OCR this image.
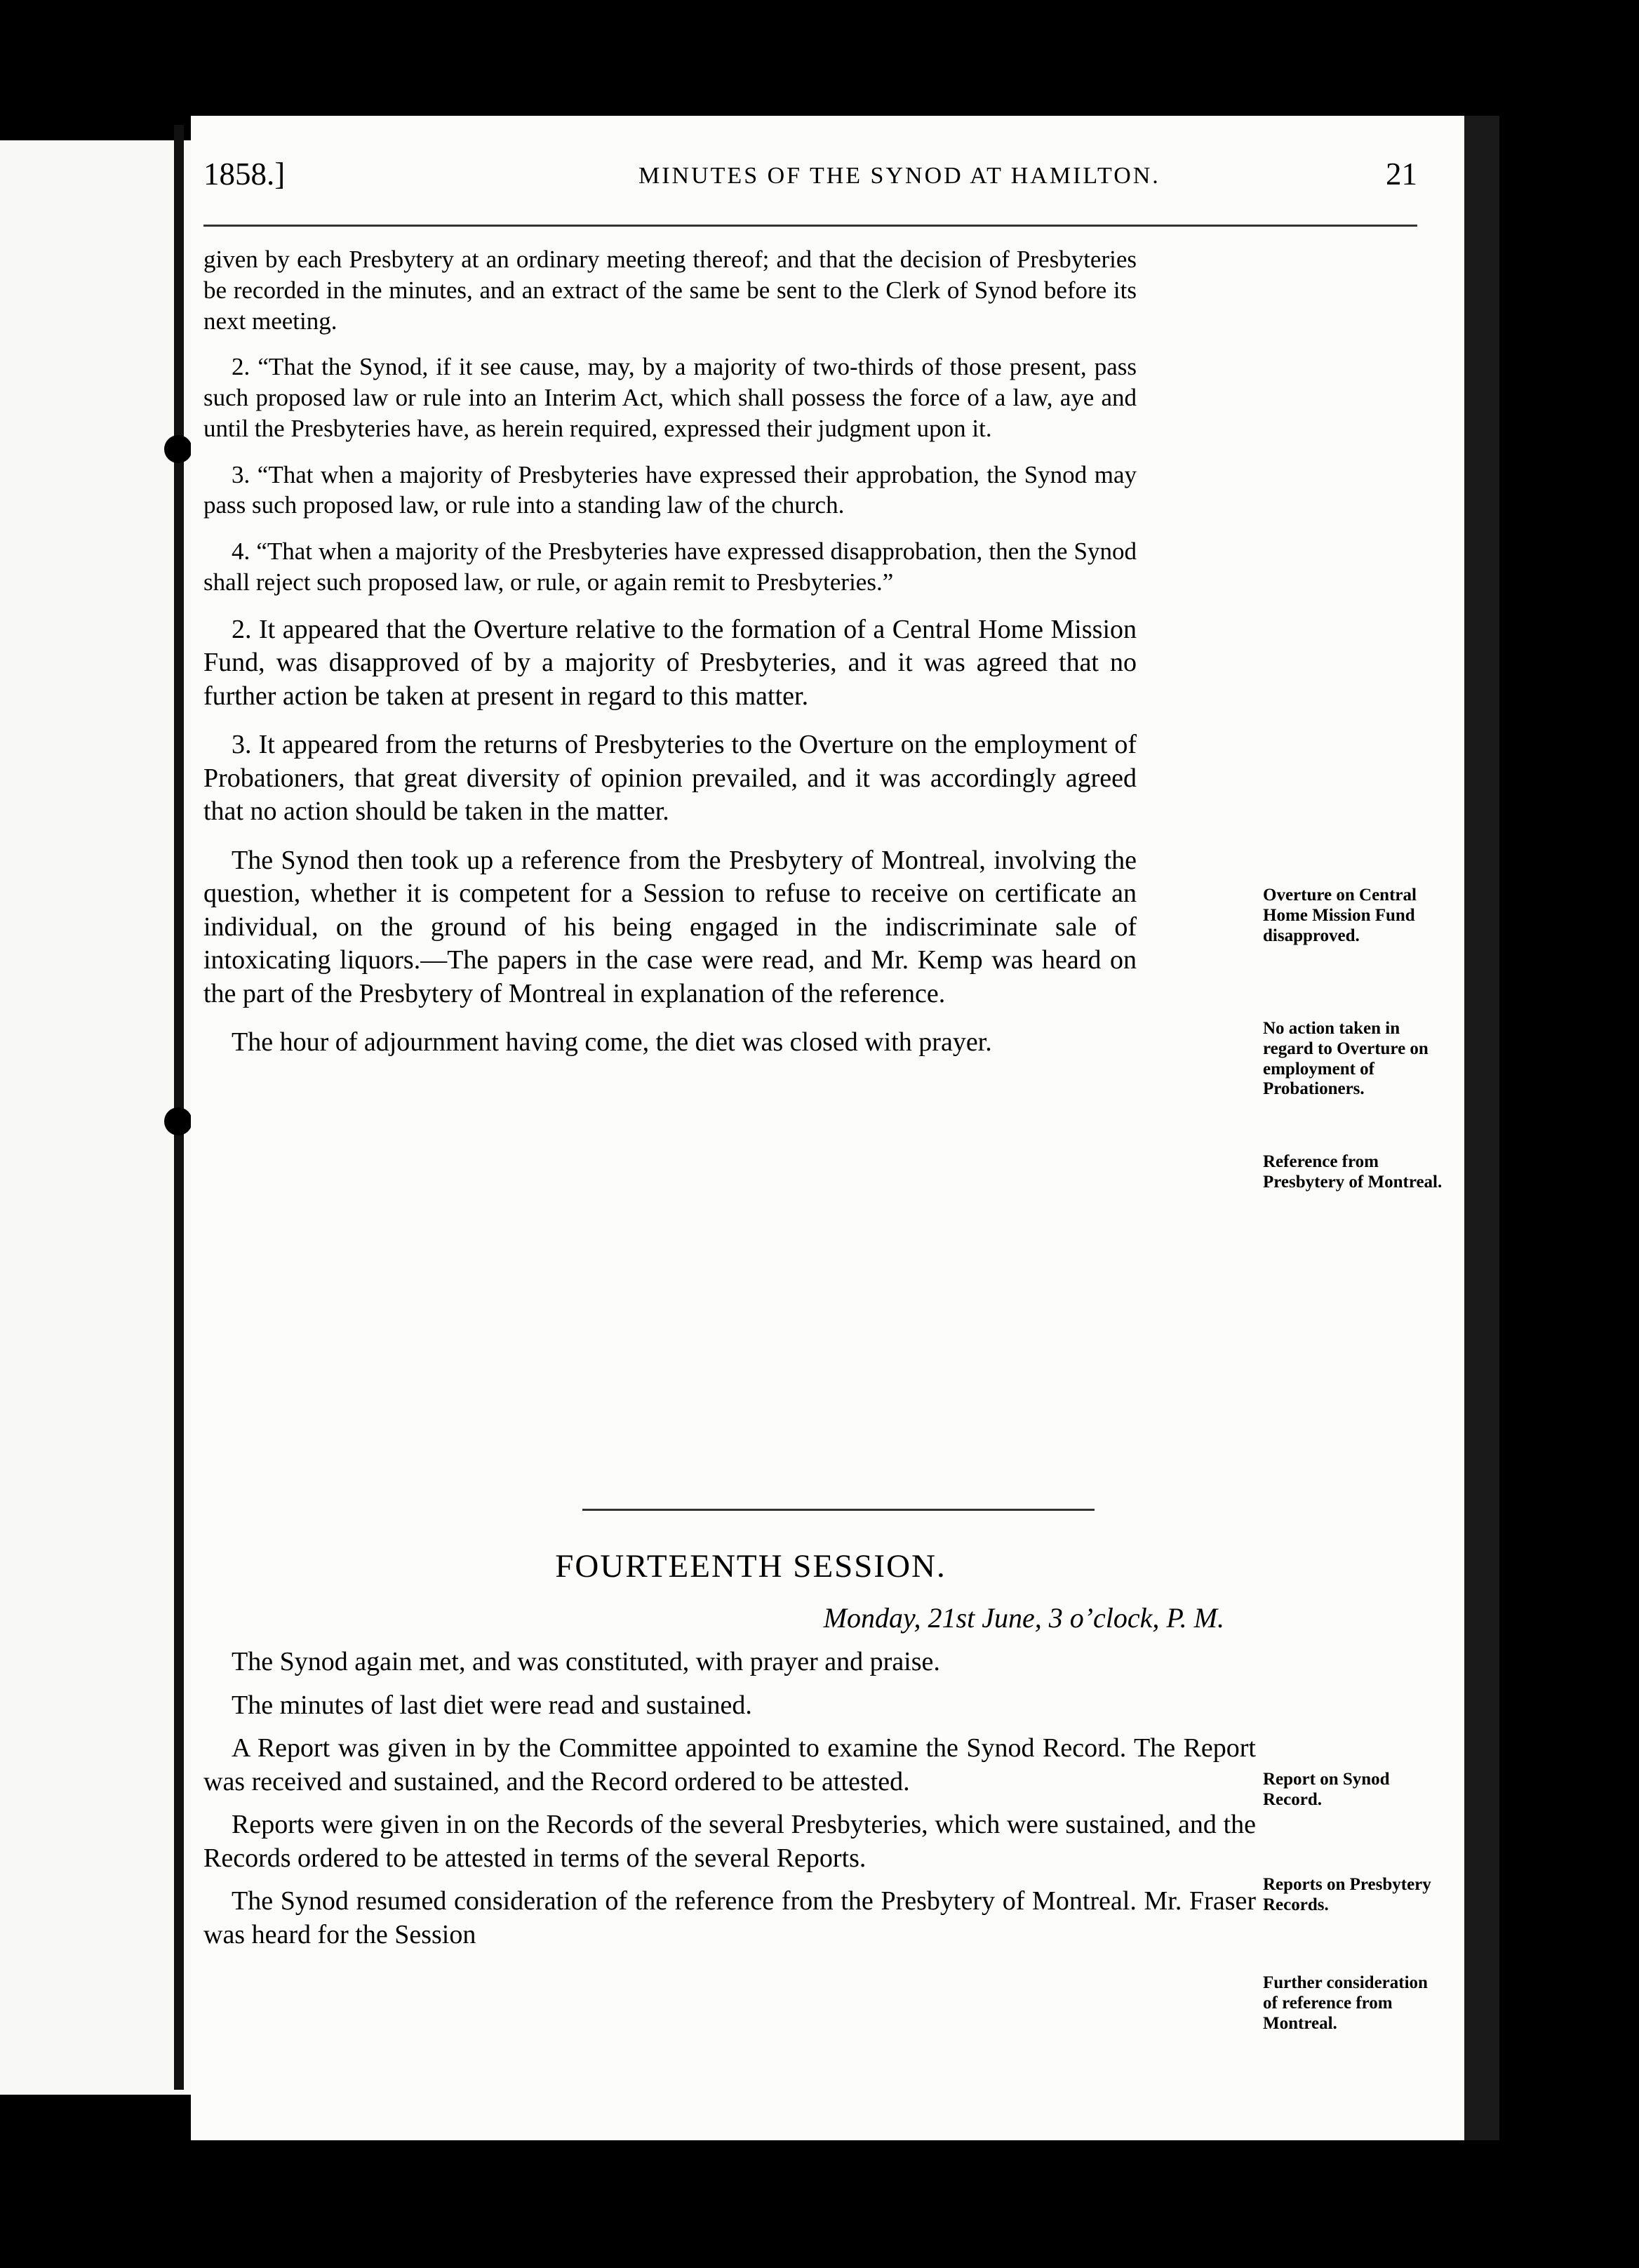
1858.]	MINUTES OF THE SYNOD AT HAMILTON.	21

given by each Presbytery at an ordinary meeting thereof; and that the decision of Presbyteries be recorded in the minutes, and an extract of the same be sent to the Clerk of Synod before its next meeting.

2. “That the Synod, if it see cause, may, by a majority of two-thirds of those present, pass such proposed law or rule into an Interim Act, which shall possess the force of a law, aye and until the Presbyteries have, as herein required, expressed their judgment upon it.

3. “That when a majority of Presbyteries have expressed their approbation, the Synod may pass such proposed law, or rule into a standing law of the church.

4. “That when a majority of the Presbyteries have expressed disapprobation, then the Synod shall reject such proposed law, or rule, or again remit to Presbyteries.”

2. It appeared that the Overture relative to the formation of a Central Home Mission Fund, was disapproved of by a majority of Presbyteries, and it was agreed that no further action be taken at present in regard to this matter.

3. It appeared from the returns of Presbyteries to the Overture on the employment of Probationers, that great diversity of opinion prevailed, and it was accordingly agreed that no action should be taken in the matter.

The Synod then took up a reference from the Presbytery of Montreal, involving the question, whether it is competent for a Session to refuse to receive on certificate an individual, on the ground of his being engaged in the indiscriminate sale of intoxicating liquors.—The papers in the case were read, and Mr. Kemp was heard on the part of the Presbytery of Montreal in explanation of the reference.

The hour of adjournment having come, the diet was closed with prayer.

Overture on Central Home Mission Fund disapproved.
No action taken in regard to Overture on employment of Probationers.
Reference from Presbytery of Montreal.
Report on Synod Record.
Reports on Presbytery Records.
Further consideration of reference from Montreal.
FOURTEENTH SESSION.
Monday, 21st June, 3 o’clock, P. M.

The Synod again met, and was constituted, with prayer and praise.

The minutes of last diet were read and sustained.

A Report was given in by the Committee appointed to examine the Synod Record. The Report was received and sustained, and the Record ordered to be attested.

Reports were given in on the Records of the several Presbyteries, which were sustained, and the Records ordered to be attested in terms of the several Reports.

The Synod resumed consideration of the reference from the Presbytery of Montreal. Mr. Fraser was heard for the Session
